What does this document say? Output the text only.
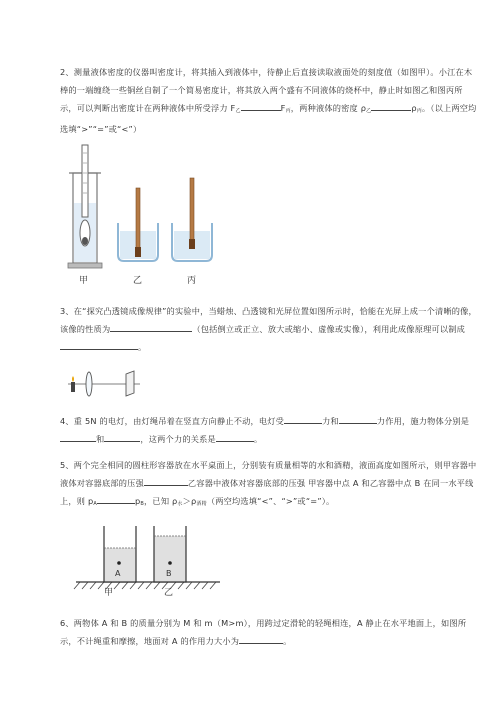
2、测量液体密度的仪器叫密度计，将其插入到液体中，待静止后直接读取液面处的刻度值（如图甲）。小江在木棒的一端缠绕一些铜丝自制了一个简易密度计，将其放入两个盛有不同液体的烧杯中，静止时如图乙和图丙所示，可以判断出密度计在两种液体中所受浮力 $F_乙$	$F_丙$，两种液体的密度 $\rho_乙$	$\rho_丙$。（以上两空均选填“>”“=”或“<”）
甲	乙	丙
3、在“探究凸透镜成像规律”的实验中，当蜡烛、凸透镜和光屏位置如图所示时，恰能在光屏上成一个清晰的像，该像的性质为	（包括倒立或正立、放大或缩小、虚像或实像），利用此成像原理可以制成。
4、重 5N 的电灯，由灯绳吊着在竖直方向静止不动，电灯受	力和	力作用，施力物体分别是和	，这两个力的关系是	。
5、两个完全相同的圆柱形容器放在水平桌面上，分别装有质量相等的水和酒精，液面高度如图所示，则甲容器中液体对容器底部的压强	乙容器中液体对容器底部的压强 甲容器中点 A 和乙容器中点 B 在同一水平线上，则 $p_A$	$p_B$，已知 $\rho_水>\rho_{酒精}$（两空均选填“<”、“>”或“=”）。
A	B
甲	乙
6、两物体 A 和 B 的质量分别为 M 和 m（M>m），用跨过定滑轮的轻绳相连，A 静止在水平地面上，如图所示，不计绳重和摩擦，地面对 A 的作用力大小为	。
